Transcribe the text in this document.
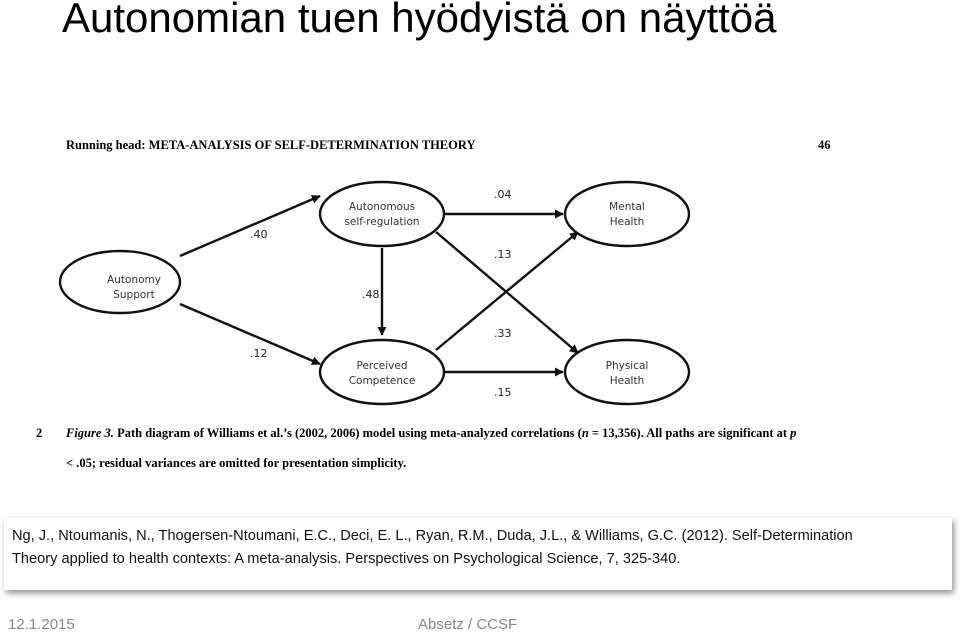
Autonomian tuen hyödyistä on näyttöä
Running head: META-ANALYSIS OF SELF-DETERMINATION THEORY	46
Autonomy
Support
Autonomous
self-regulation
Perceived
Competence
Mental
Health
Physical
Health
.40
.12
.48
.04
.13
.33
.15
2 Figure 3. Path diagram of Williams et al.’s (2002, 2006) model using meta-analyzed correlations (n = 13,356). All paths are significant at p
< .05; residual variances are omitted for presentation simplicity.
Ng, J., Ntoumanis, N., Thogersen-Ntoumani, E.C., Deci, E. L., Ryan, R.M., Duda, J.L., & Williams, G.C. (2012). Self-Determination
Theory applied to health contexts: A meta-analysis. Perspectives on Psychological Science, 7, 325-340.
12.1.2015	Absetz / CCSF
